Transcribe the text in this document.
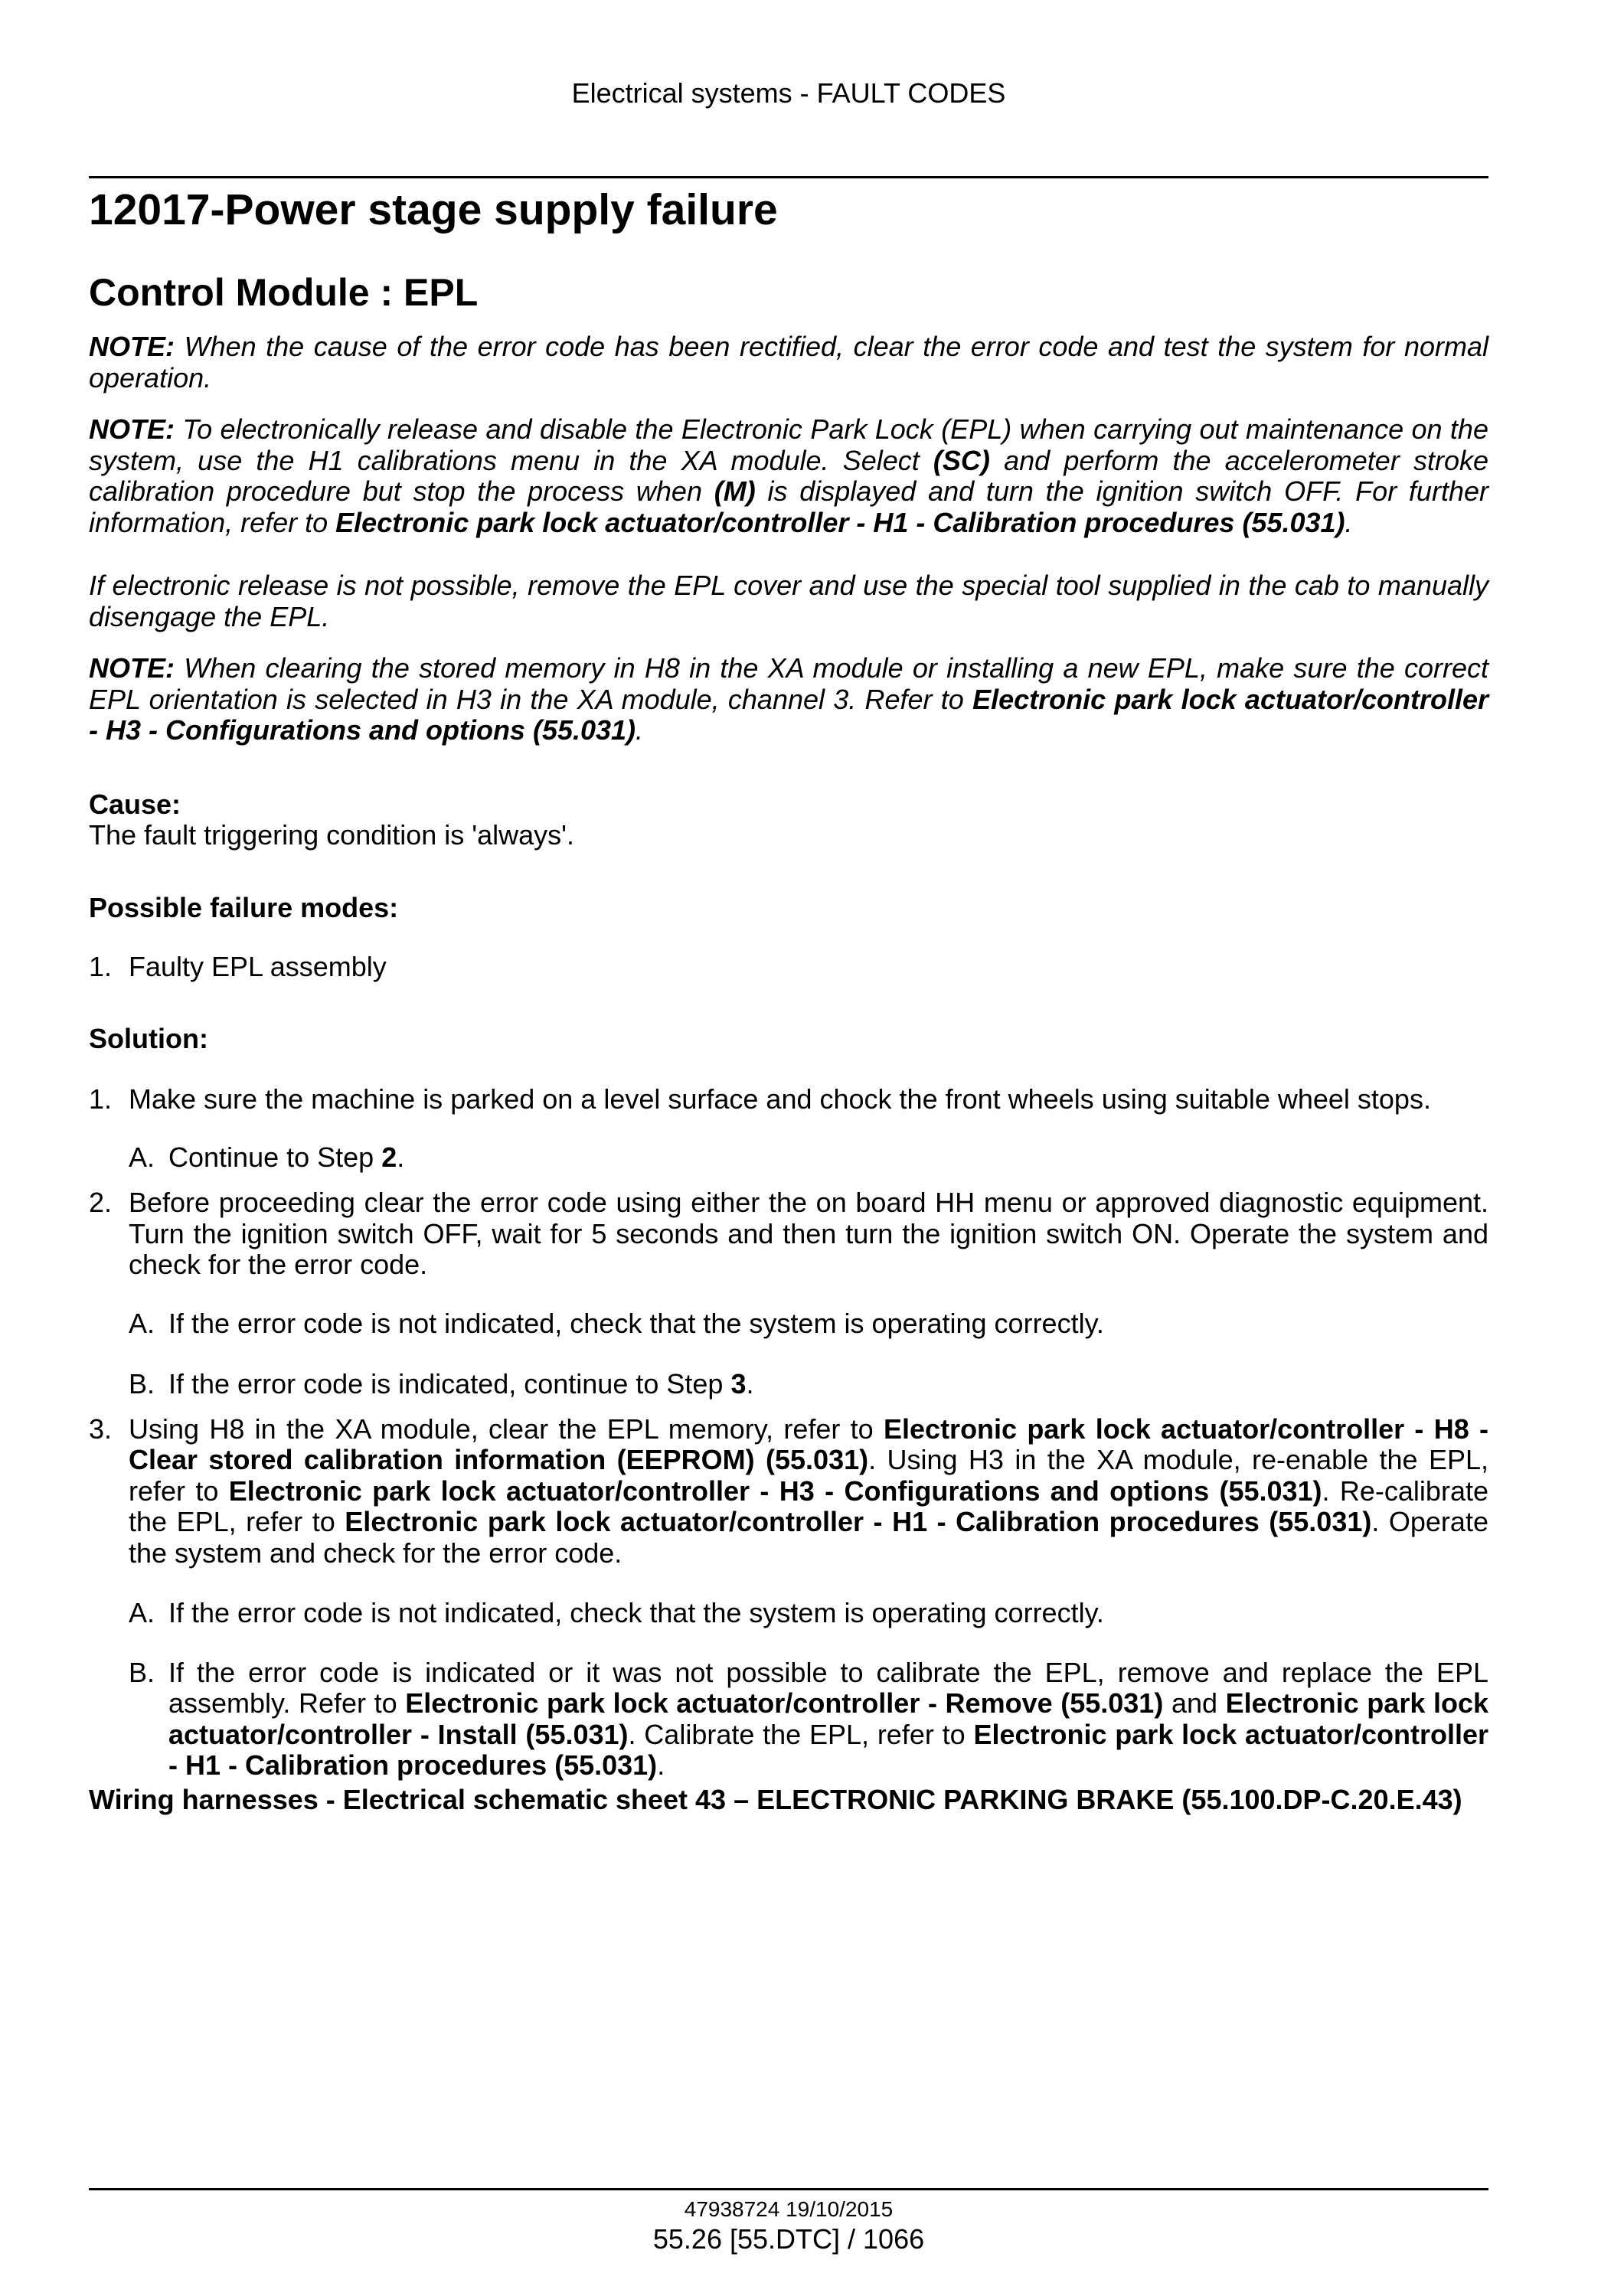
Electrical systems - FAULT CODES
12017-Power stage supply failure
Control Module : EPL

NOTE: When the cause of the error code has been rectified, clear the error code and test the system for normal operation.

NOTE: To electronically release and disable the Electronic Park Lock (EPL) when carrying out maintenance on the system, use the H1 calibrations menu in the XA module. Select (SC) and perform the accelerometer stroke calibration procedure but stop the process when (M) is displayed and turn the ignition switch OFF. For further information, refer to Electronic park lock actuator/controller - H1 - Calibration procedures (55.031).

If electronic release is not possible, remove the EPL cover and use the special tool supplied in the cab to manually disengage the EPL.

NOTE: When clearing the stored memory in H8 in the XA module or installing a new EPL, make sure the correct EPL orientation is selected in H3 in the XA module, channel 3. Refer to Electronic park lock actuator/controller - H3 - Configurations and options (55.031).

Cause:
The fault triggering condition is 'always'.
Possible failure modes:
1. Faulty EPL assembly
Solution:
1. Make sure the machine is parked on a level surface and chock the front wheels using suitable wheel stops.
A. Continue to Step 2.
2. Before proceeding clear the error code using either the on board HH menu or approved diagnostic equipment. Turn the ignition switch OFF, wait for 5 seconds and then turn the ignition switch ON. Operate the system and check for the error code.
A. If the error code is not indicated, check that the system is operating correctly.
B. If the error code is indicated, continue to Step 3.
3. Using H8 in the XA module, clear the EPL memory, refer to Electronic park lock actuator/controller - H8 - Clear stored calibration information (EEPROM) (55.031). Using H3 in the XA module, re-enable the EPL, refer to Electronic park lock actuator/controller - H3 - Configurations and options (55.031). Re-calibrate the EPL, refer to Electronic park lock actuator/controller - H1 - Calibration procedures (55.031). Operate the system and check for the error code.
A. If the error code is not indicated, check that the system is operating correctly.
B. If the error code is indicated or it was not possible to calibrate the EPL, remove and replace the EPL assembly. Refer to Electronic park lock actuator/controller - Remove (55.031) and Electronic park lock actuator/controller - Install (55.031). Calibrate the EPL, refer to Electronic park lock actuator/controller - H1 - Calibration procedures (55.031).
Wiring harnesses - Electrical schematic sheet 43 – ELECTRONIC PARKING BRAKE (55.100.DP-C.20.E.43)
47938724 19/10/2015
55.26 [55.DTC] / 1066
